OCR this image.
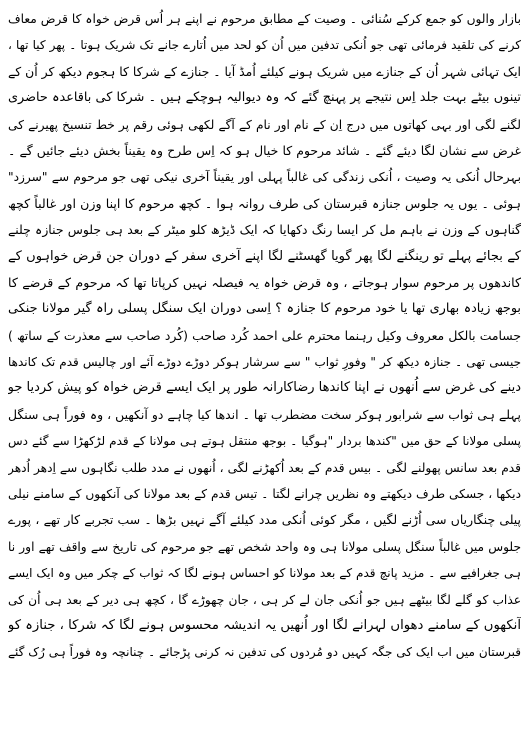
بازار والوں کو جمع کرکے سُنائی ۔ وصیت کے مطابق مرحوم نے اپنے ہر اُس قرض خواہ کا قرض معاف
کرنے کی تلقید فرمائی تھی جو اُنکی تدفین میں اُن کو لحد میں اُتارے جانے تک شریک ہوتا ۔ پھر کیا تھا ،
ایک تہائی شہر اُن کے جنازے میں شریک ہونے کیلئے اُمڈ آیا ۔ جنازے کے شرکا کا ہجوم دیکھ کر اُن کے
تینوں بیٹے بہت جلد اِس نتیجے پر پہنچ گئے کہ وہ دیوالیہ ہوچکے ہیں ۔ شرکا کی باقاعدہ حاضری
لگنے لگی اور بہی کھاتوں میں درج اِن کے نام اور نام کے آگے لکھی ہوئی رقم پر خط تنسیخ پھیرنے کی
غرض سے نشان لگا دیئے گئے ۔ شائد مرحوم کا خیال ہو کہ اِس طرح وہ یقیناً بخش دیئے جائیں گے ۔
بہرحال اُنکی یہ وصیت ، اُنکی زندگی کی غالباً پہلی اور یقیناً آخری نیکی تھی جو مرحوم سے "سرزد"
ہوئی ۔ یوں یہ جلوس جنازہ قبرستان کی طرف روانہ ہوا ۔ کچھ مرحوم کا اپنا وزن اور غالباً کچھ
گناہوں کے وزن نے باہم مل کر ایسا رنگ دکھایا کہ ایک ڈیڑھ کلو میٹر کے بعد ہی جلوس جنازہ چلنے
کے بجائے پہلے تو رینگنے لگا پھر گویا گھسٹنے لگا اپنے آخری سفر کے دوران جن قرض خواہوں کے
کاندھوں پر مرحوم سوار ہوجاتے ، وہ قرض خواہ یہ فیصلہ نہیں کرپاتا تھا کہ مرحوم کے قرضے کا
بوجھ زیادہ بھاری تھا یا خود مرحوم کا جنازہ ؟ اِسی دوران ایک سنگل پسلی راہ گیر مولانا جنکی
جسامت بالکل معروف وکیل رہنما محترم علی احمد کُرد صاحب (کُرد صاحب سے معذرت کے ساتھ )
جیسی تھی ۔ جنازہ دیکھ کر " وفورِ ثواب " سے سرشار ہوکر دوڑے دوڑے آئے اور چالیس قدم تک کاندھا
دینے کی غرض سے اُنھوں نے اپنا کاندھا رضاکارانہ طور پر ایک ایسے قرض خواہ کو پیش کردیا جو
پہلے ہی ثواب سے شرابور ہوکر سخت مضطرب تھا ۔ اندھا کیا چاہے دو آنکھیں ، وہ فوراً ہی سنگل
پسلی مولانا کے حق میں "کندھا بردار "ہوگیا ۔ بوجھ منتقل ہوتے ہی مولانا کے قدم لڑکھڑا سے گئے دس
قدم بعد سانس پھولنے لگی ۔ بیس قدم کے بعد اُکھڑنے لگی ، اُنھوں نے مدد طلب نگاہوں سے اِدھر اُدھر
دیکھا ، جسکی طرف دیکھتے وہ نظریں چرانے لگتا ۔ تیس قدم کے بعد مولانا کی آنکھوں کے سامنے نیلی
پیلی چنگاریاں سی اُڑنے لگیں ، مگر کوئی اُنکی مدد کیلئے آگے نہیں بڑھا ۔ سب تجربے کار تھے ، پورے
جلوس میں غالباً سنگل پسلی مولانا ہی وہ واحد شخص تھے جو مرحوم کی تاریخ سے واقف تھے اور نا
ہی جغرافیے سے ۔ مزید پانچ قدم کے بعد مولانا کو احساس ہونے لگا کہ ثواب کے چکر میں وہ ایک ایسے
عذاب کو گلے لگا بیٹھے ہیں جو اُنکی جان لے کر ہی ، جان چھوڑے گا ، کچھ ہی دیر کے بعد ہی اُن کی
آنکھوں کے سامنے دھواں لہرانے لگا اور اُنھیں یہ اندیشہ محسوس ہونے لگا کہ شرکا ، جنازہ کو
قبرستان میں اب ایک کی جگہ کہیں دو مُردوں کی تدفین نہ کرنی پڑجائے ۔ چنانچہ وہ فوراً ہی رُک گئے
